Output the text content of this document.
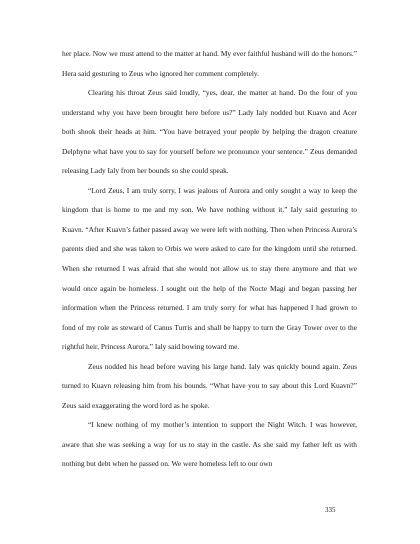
her place. Now we must attend to the matter at hand. My ever faithful husband will do the honors.” Hera said gesturing to Zeus who ignored her comment completely.

Clearing his throat Zeus said loudly, “yes, dear, the matter at hand. Do the four of you understand why you have been brought here before us?” Lady Ialy nodded but Kuavn and Acer both shook their heads at him. “You have betrayed your people by helping the dragon creature Delphyne what have you to say for yourself before we pronounce your sentence.” Zeus demanded releasing Lady Ialy from her bounds so she could speak.

“Lord Zeus, I am truly sorry, I was jealous of Aurora and only sought a way to keep the kingdom that is home to me and my son. We have nothing without it.” Ialy said gesturing to Kuavn. “After Kuavn’s father passed away we were left with nothing. Then when Princess Aurora’s parents died and she was taken to Orbis we were asked to care for the kingdom until she returned. When she returned I was afraid that she would not allow us to stay there anymore and that we would once again be homeless. I sought out the help of the Nocte Magi and began passing her information when the Princess returned. I am truly sorry for what has happened I had grown to fond of my role as steward of Canus Turris and shall be happy to turn the Gray Tower over to the rightful heir, Princess Aurora.” Ialy said bowing toward me.

Zeus nodded his head before waving his large hand. Ialy was quickly bound again. Zeus turned to Kuavn releasing him from his bounds. “What have you to say about this Lord Kuavn?” Zeus said exaggerating the word lord as he spoke.

“I knew nothing of my mother’s intention to support the Night Witch. I was however, aware that she was seeking a way for us to stay in the castle. As she said my father left us with nothing but debt when he passed on. We were homeless left to our own

335
